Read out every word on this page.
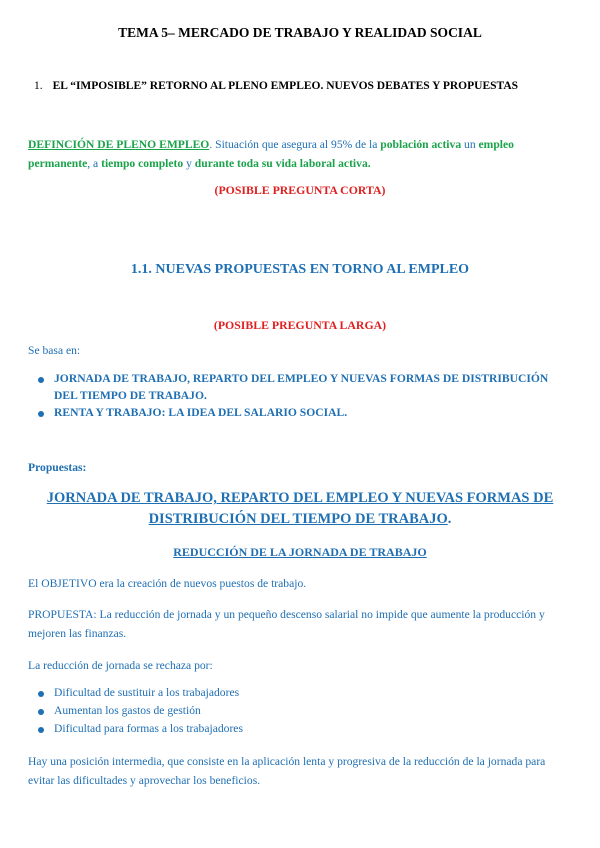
TEMA 5– MERCADO DE TRABAJO Y REALIDAD SOCIAL

1. EL “IMPOSIBLE” RETORNO AL PLENO EMPLEO. NUEVOS DEBATES Y PROPUESTAS

DEFINCIÓN DE PLENO EMPLEO. Situación que asegura al 95% de la población activa un empleo permanente, a tiempo completo y durante toda su vida laboral activa.

(POSIBLE PREGUNTA CORTA)

1.1. NUEVAS PROPUESTAS EN TORNO AL EMPLEO

(POSIBLE PREGUNTA LARGA)

Se basa en:

JORNADA DE TRABAJO, REPARTO DEL EMPLEO Y NUEVAS FORMAS DE DISTRIBUCIÓN DEL TIEMPO DE TRABAJO.
RENTA Y TRABAJO: LA IDEA DEL SALARIO SOCIAL.

Propuestas:

JORNADA DE TRABAJO, REPARTO DEL EMPLEO Y NUEVAS FORMAS DE DISTRIBUCIÓN DEL TIEMPO DE TRABAJO.

REDUCCIÓN DE LA JORNADA DE TRABAJO

El OBJETIVO era la creación de nuevos puestos de trabajo.

PROPUESTA: La reducción de jornada y un pequeño descenso salarial no impide que aumente la producción y mejoren las finanzas.

La reducción de jornada se rechaza por:

Dificultad de sustituir a los trabajadores
Aumentan los gastos de gestión
Dificultad para formas a los trabajadores

Hay una posición intermedia, que consiste en la aplicación lenta y progresiva de la reducción de la jornada para evitar las dificultades y aprovechar los beneficios.
